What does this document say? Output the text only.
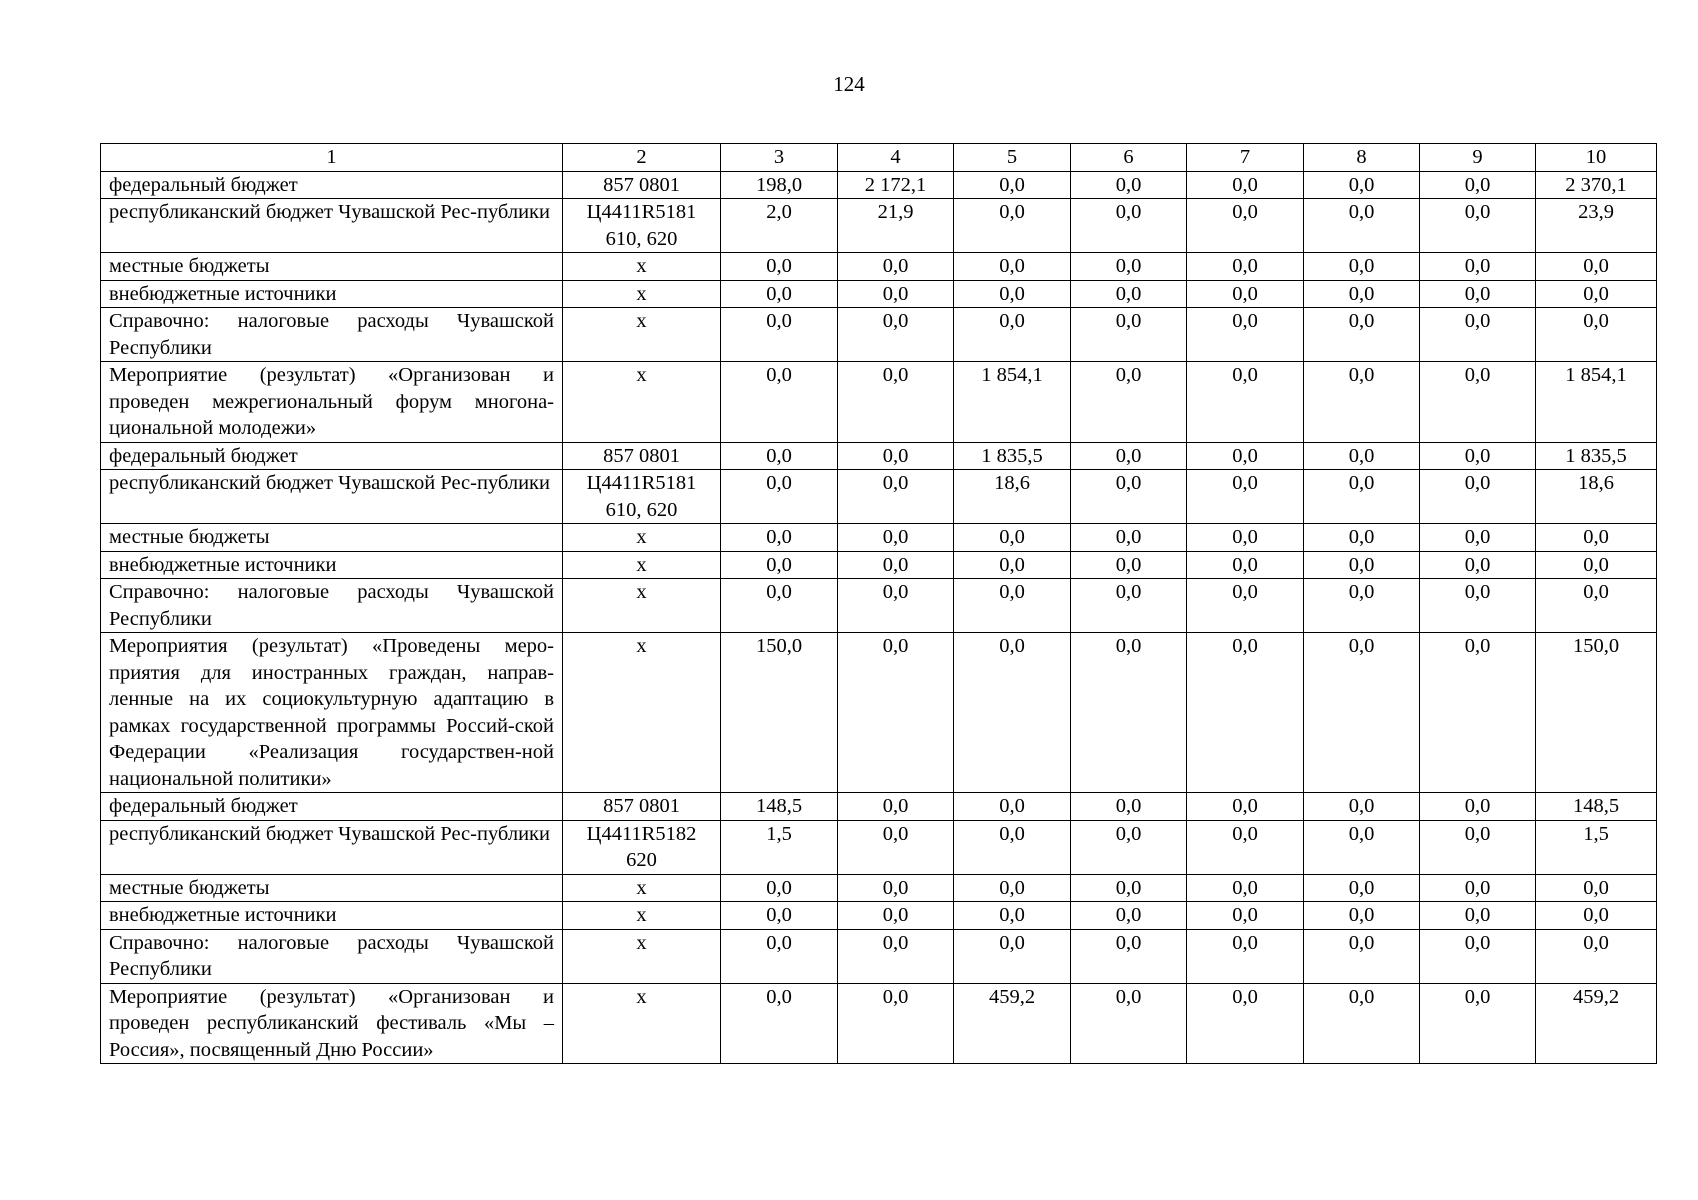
124
1	2	3	4	5	6	7	8	9	10
федеральный бюджет	857 0801	198,0	2 172,1	0,0	0,0	0,0	0,0	0,0	2 370,1
республиканский бюджет Чувашской Рес-публики	Ц4411R5181 610, 620	2,0	21,9	0,0	0,0	0,0	0,0	0,0	23,9
местные бюджеты	x	0,0	0,0	0,0	0,0	0,0	0,0	0,0	0,0
внебюджетные источники	x	0,0	0,0	0,0	0,0	0,0	0,0	0,0	0,0
Справочно: налоговые расходы Чувашской Республики	x	0,0	0,0	0,0	0,0	0,0	0,0	0,0	0,0
Мероприятие (результат) «Организован и проведен межрегиональный форум многона-циональной молодежи»	x	0,0	0,0	1 854,1	0,0	0,0	0,0	0,0	1 854,1
федеральный бюджет	857 0801	0,0	0,0	1 835,5	0,0	0,0	0,0	0,0	1 835,5
республиканский бюджет Чувашской Рес-публики	Ц4411R5181 610, 620	0,0	0,0	18,6	0,0	0,0	0,0	0,0	18,6
местные бюджеты	x	0,0	0,0	0,0	0,0	0,0	0,0	0,0	0,0
внебюджетные источники	x	0,0	0,0	0,0	0,0	0,0	0,0	0,0	0,0
Справочно: налоговые расходы Чувашской Республики	x	0,0	0,0	0,0	0,0	0,0	0,0	0,0	0,0
Мероприятия (результат) «Проведены меро-приятия для иностранных граждан, направ-ленные на их социокультурную адаптацию в рамках государственной программы Россий-ской Федерации «Реализация государствен-ной национальной политики»	x	150,0	0,0	0,0	0,0	0,0	0,0	0,0	150,0
федеральный бюджет	857 0801	148,5	0,0	0,0	0,0	0,0	0,0	0,0	148,5
республиканский бюджет Чувашской Рес-публики	Ц4411R5182 620	1,5	0,0	0,0	0,0	0,0	0,0	0,0	1,5
местные бюджеты	x	0,0	0,0	0,0	0,0	0,0	0,0	0,0	0,0
внебюджетные источники	x	0,0	0,0	0,0	0,0	0,0	0,0	0,0	0,0
Справочно: налоговые расходы Чувашской Республики	x	0,0	0,0	0,0	0,0	0,0	0,0	0,0	0,0
Мероприятие (результат) «Организован и проведен республиканский фестиваль «Мы – Россия», посвященный Дню России»	x	0,0	0,0	459,2	0,0	0,0	0,0	0,0	459,2
